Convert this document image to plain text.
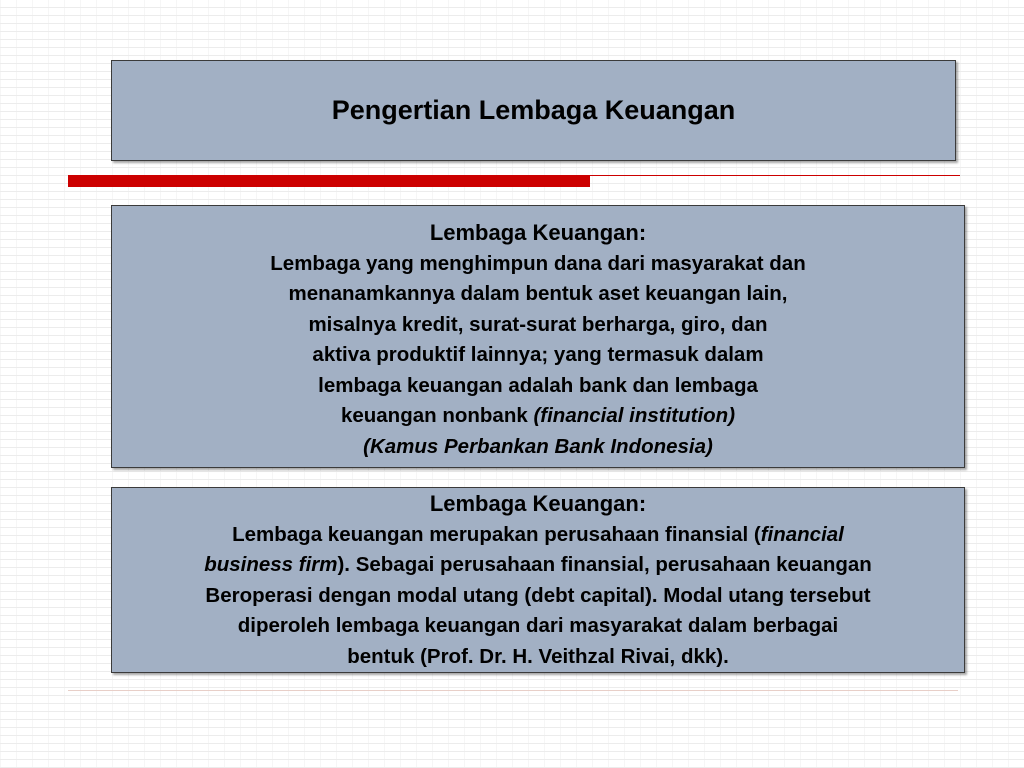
Pengertian Lembaga Keuangan
Lembaga Keuangan:
Lembaga yang menghimpun dana dari masyarakat dan
menanamkannya dalam bentuk aset keuangan lain,
misalnya kredit, surat-surat berharga, giro, dan
aktiva produktif lainnya; yang termasuk dalam
lembaga keuangan adalah bank dan lembaga
keuangan nonbank (financial institution)
(Kamus Perbankan Bank Indonesia)
Lembaga Keuangan:
Lembaga keuangan merupakan perusahaan finansial (financial
business firm). Sebagai perusahaan finansial, perusahaan keuangan
Beroperasi dengan modal utang (debt capital). Modal utang tersebut
diperoleh lembaga keuangan dari masyarakat dalam berbagai
bentuk (Prof. Dr. H. Veithzal Rivai, dkk).
